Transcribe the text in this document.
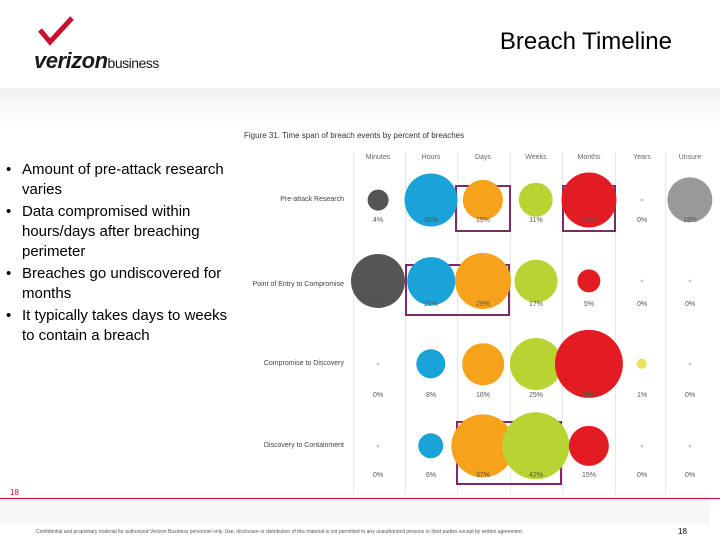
verizonbusiness
Breach Timeline
• Amount of pre-attack research varies
• Data compromised within hours/days after breaching perimeter
• Breaches go undiscovered for months
• It typically takes days to weeks to contain a breach
Figure 31. Time span of breach events by percent of breaches
Minutes	Hours	Days	Weeks	Months	Years	Unsure
Pre-attack Research
4%	26%	15%	11%	26%	0%	19%
Point of Entry to Compromise
27%	21%	29%	17%	5%	0%	0%
Compromise to Discovery
0%	8%	16%	25%	43%	1%	0%
Discovery to Containment
0%	6%	37%	42%	15%	0%	0%
18
Confidential and proprietary material for authorized Verizon Business personnel only. Use, disclosure or distribution of this material is not permitted to any unauthorized persons or third parties except by written agreement.	18
